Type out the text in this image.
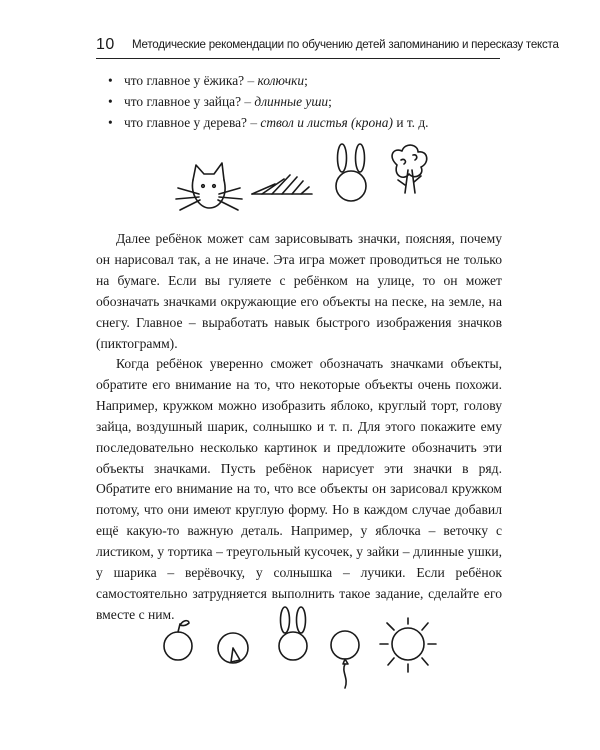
10 Методические рекомендации по обучению детей запоминанию и пересказу текста
• что главное у ёжика? – колючки;
• что главное у зайца? – длинные уши;
• что главное у дерева? – ствол и листья (крона) и т. д.

Далее ребёнок может сам зарисовывать значки, поясняя, почему он нарисовал так, а не иначе. Эта игра может проводиться не только на бумаге. Если вы гуляете с ребёнком на улице, то он может обозначать значками окружающие его объекты на песке, на земле, на снегу. Главное – выработать навык быстрого изображения значков (пиктограмм).

Когда ребёнок уверенно сможет обозначать значками объекты, обратите его внимание на то, что некоторые объекты очень похожи. Например, кружком можно изобразить яблоко, круглый торт, голову зайца, воздушный шарик, солнышко и т. п. Для этого покажите ему последовательно несколько картинок и предложите обозначить эти объекты значками. Пусть ребёнок нарисует эти значки в ряд. Обратите его внимание на то, что все объекты он зарисовал кружком потому, что они имеют круглую форму. Но в каждом случае добавил ещё какую-то важную деталь. Например, у яблочка – веточку с листиком, у тортика – треугольный кусочек, у зайки – длинные ушки, у шарика – верёвочку, у солнышка – лучики. Если ребёнок самостоятельно затрудняется выполнить такое задание, сделайте его вместе с ним.
